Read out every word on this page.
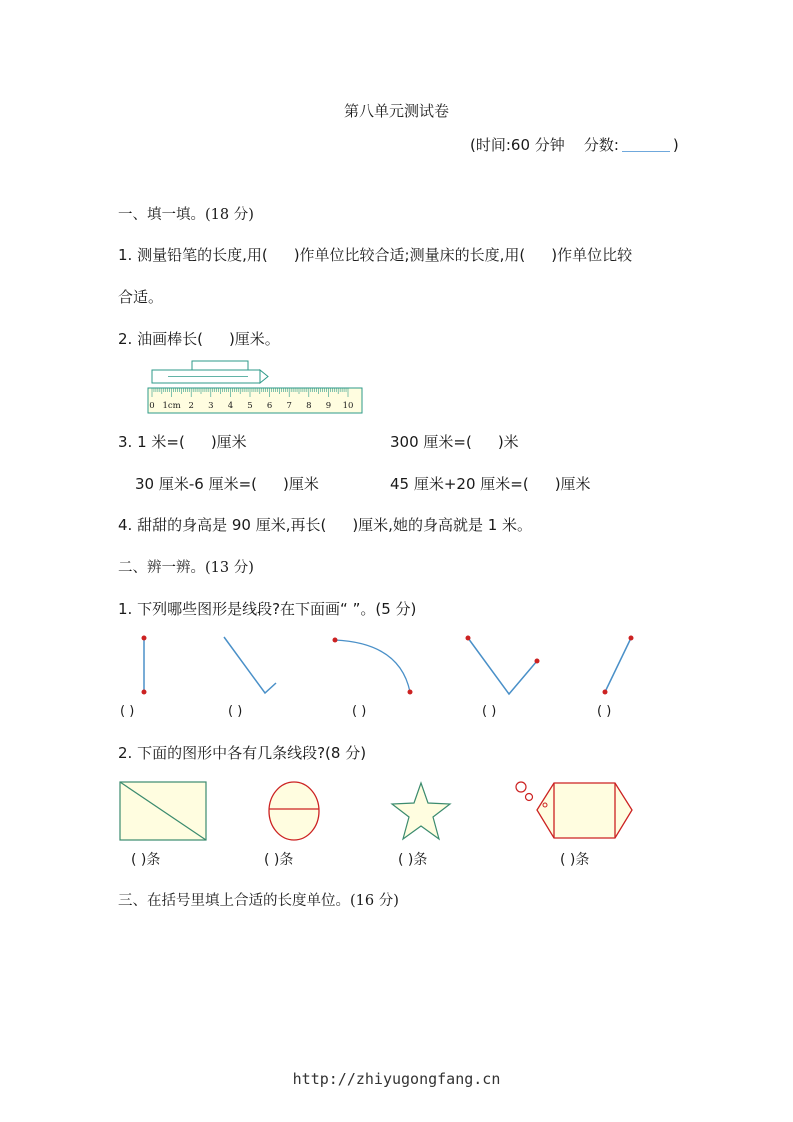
第八单元测试卷
(时间:60 分钟 分数:	)
一、填一填。(18 分)
1. 测量铅笔的长度,用( )作单位比较合适;测量床的长度,用( )作单位比较
合适。
2. 油画棒长( )厘米。
0 1cm 2 3 4 5 6 7 8 9 10
3. 1 米=( )厘米	300 厘米=( )米
30 厘米-6 厘米=( )厘米	45 厘米+20 厘米=( )厘米
4. 甜甜的身高是 90 厘米,再长( )厘米,她的身高就是 1 米。
二、辨一辨。(13 分)
1. 下列哪些图形是线段?在下面画“ ”。(5 分)
( )	( )	( )	( )	( )
2. 下面的图形中各有几条线段?(8 分)
( )条	( )条	( )条	( )条
三、在括号里填上合适的长度单位。(16 分)
http://zhiyugongfang.cn
